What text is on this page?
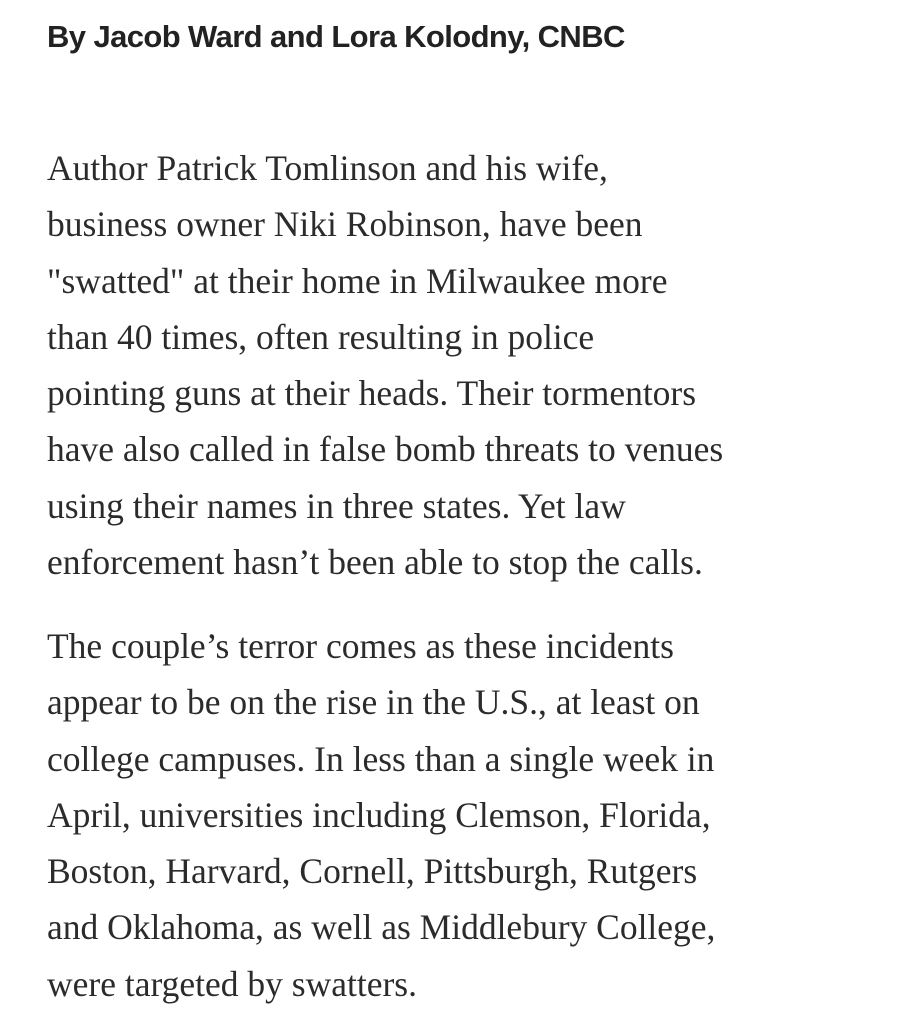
By Jacob Ward and Lora Kolodny, CNBC

Author Patrick Tomlinson and his wife,
business owner Niki Robinson, have been
"swatted" at their home in Milwaukee more
than 40 times, often resulting in police
pointing guns at their heads. Their tormentors
have also called in false bomb threats to venues
using their names in three states. Yet law
enforcement hasn’t been able to stop the calls.

The couple’s terror comes as these incidents
appear to be on the rise in the U.S., at least on
college campuses. In less than a single week in
April, universities including Clemson, Florida,
Boston, Harvard, Cornell, Pittsburgh, Rutgers
and Oklahoma, as well as Middlebury College,
were targeted by swatters.
